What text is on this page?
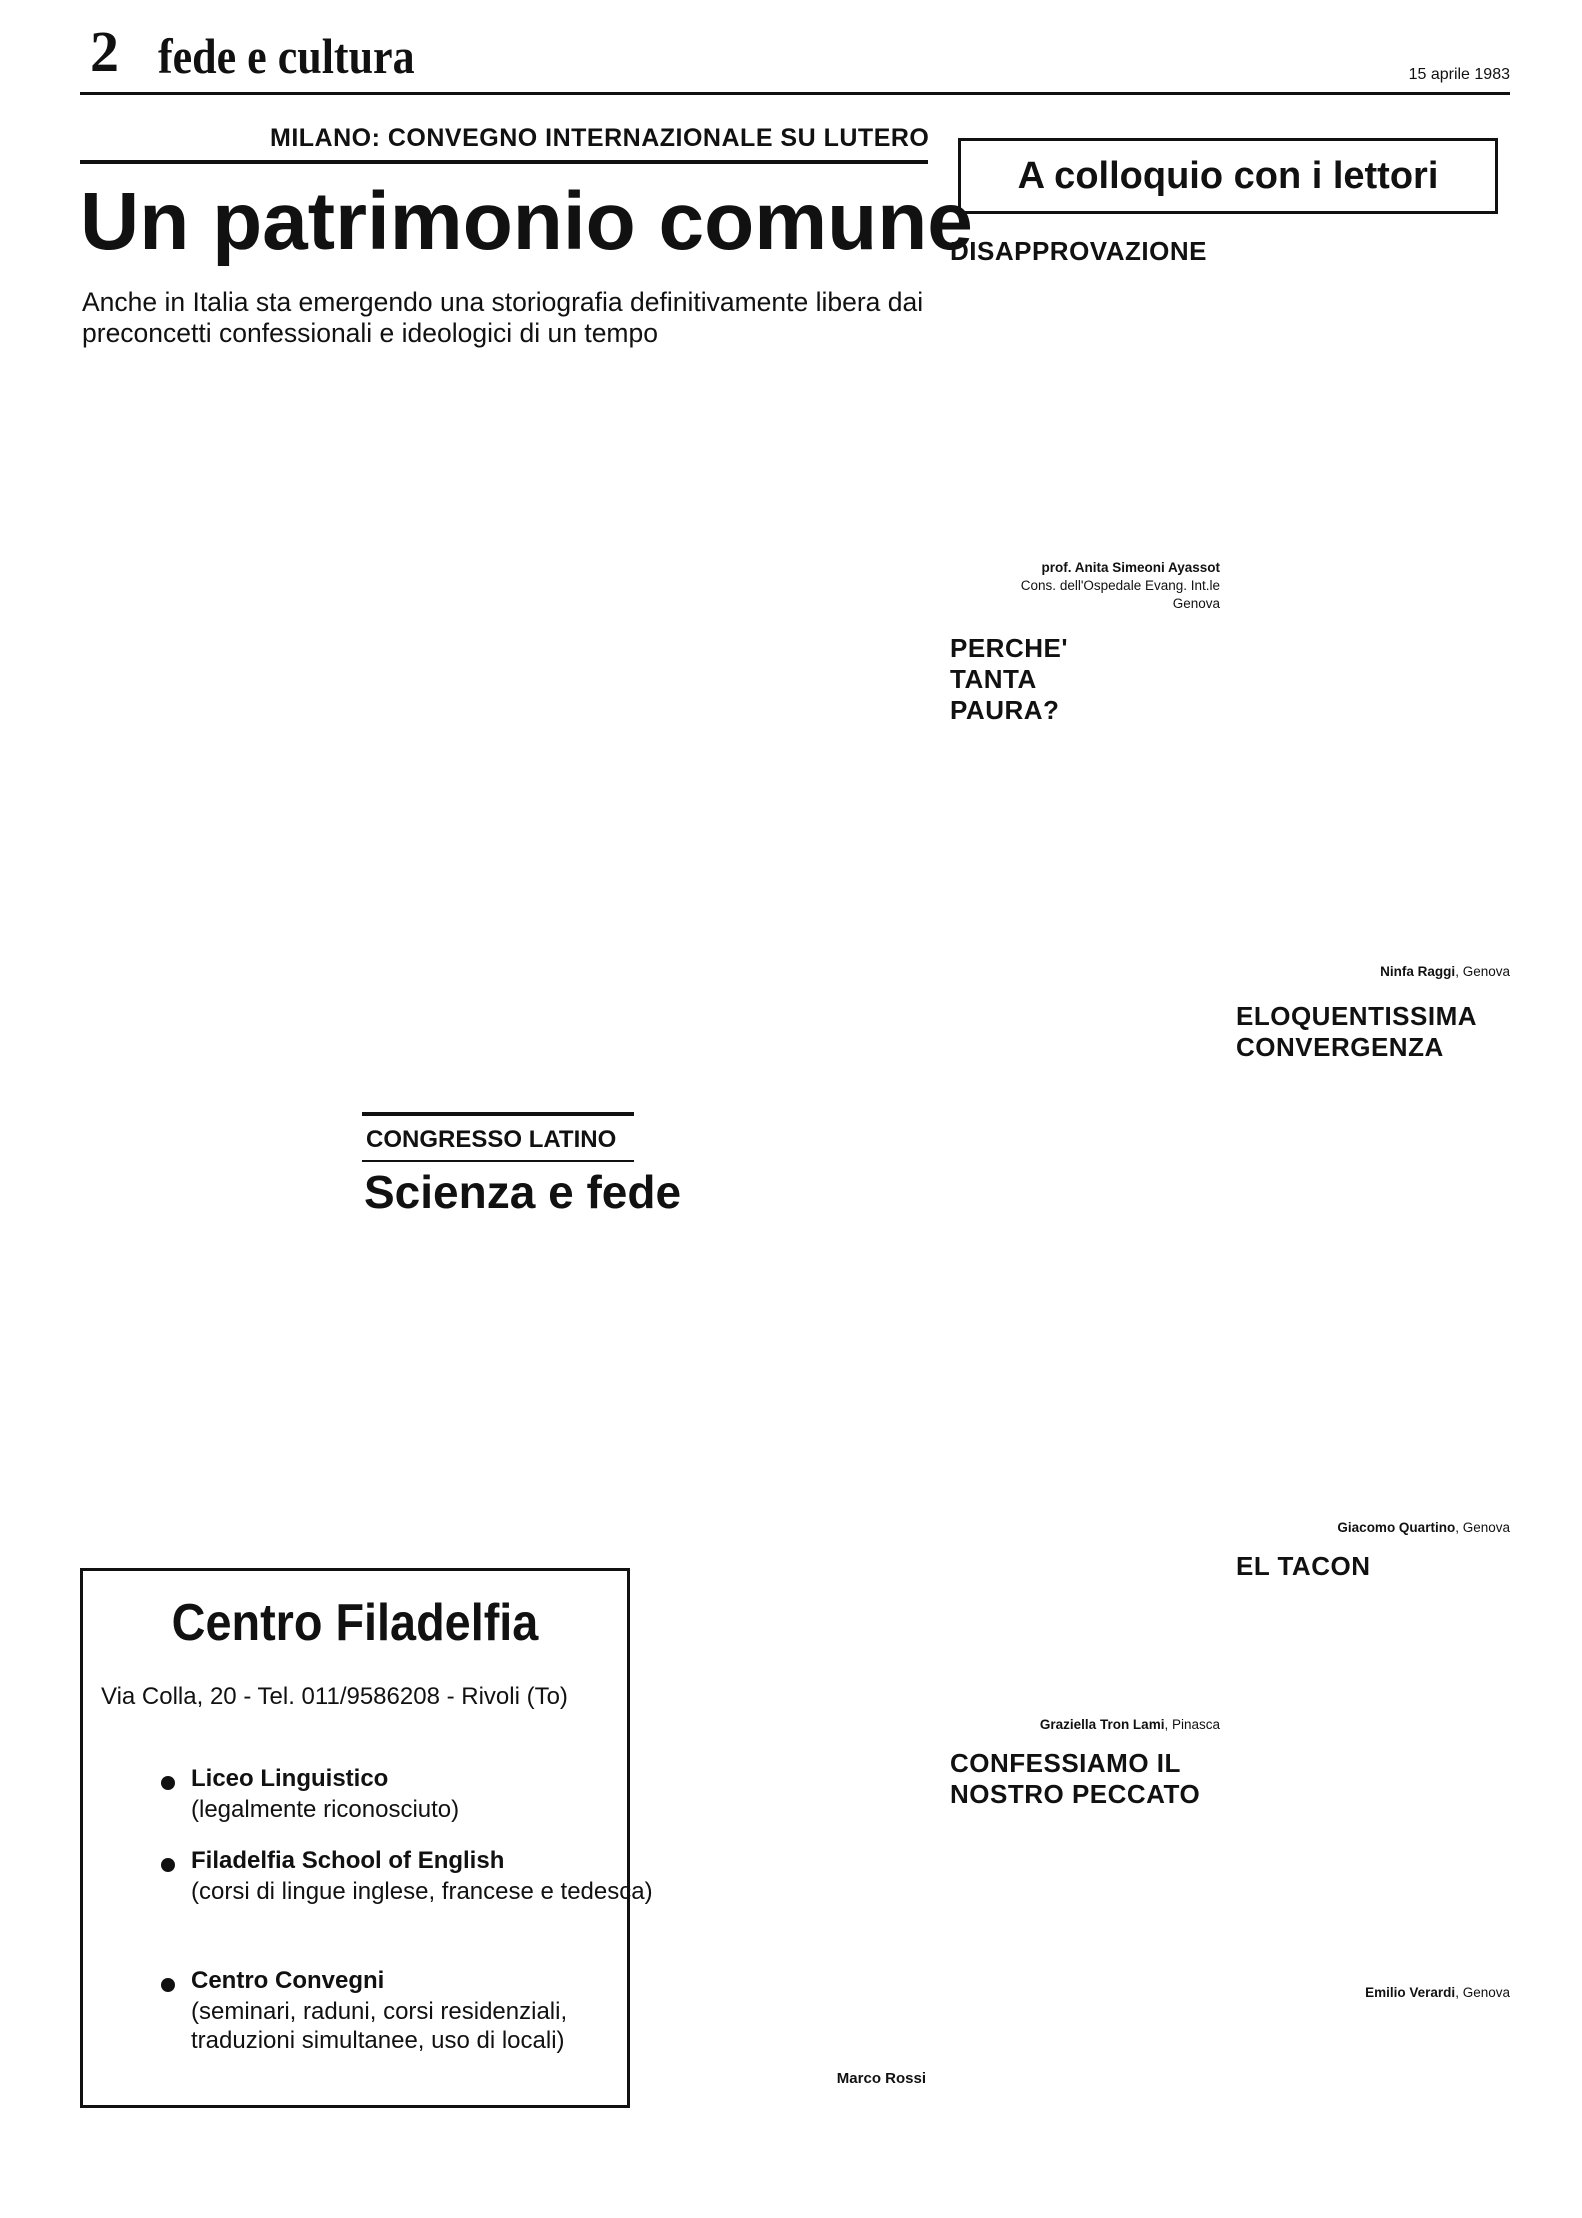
2 fede e cultura	15 aprile 1983
MILANO: CONVEGNO INTERNAZIONALE SU LUTERO
Un patrimonio comune
Anche in Italia sta emergendo una storiografia definitivamente libera dai preconcetti confessionali e ideologici di un tempo

Marco Rossi
CONGRESSO LATINO
Scienza e fede

Centro Filadelfia
Via Colla, 20 - Tel. 011/9586208 - Rivoli (To)
Liceo Linguistico
(legalmente riconosciuto)
Filadelfia School of English
(corsi di lingue inglese, francese e tedesca)
Centro Convegni
(seminari, raduni, corsi residenziali, traduzioni simultanee, uso di locali)
A colloquio con i lettori
DISAPPROVAZIONE

prof. Anita Simeoni Ayassot
Cons. dell'Ospedale Evang. Int.le
Genova
PERCHE' TANTA PAURA?

Graziella Tron Lami, Pinasca
CONFESSIAMO IL NOSTRO PECCATO

Ninfa Raggi, Genova
ELOQUENTISSIMA CONVERGENZA

Giacomo Quartino, Genova
EL TACON

Emilio Verardi, Genova
